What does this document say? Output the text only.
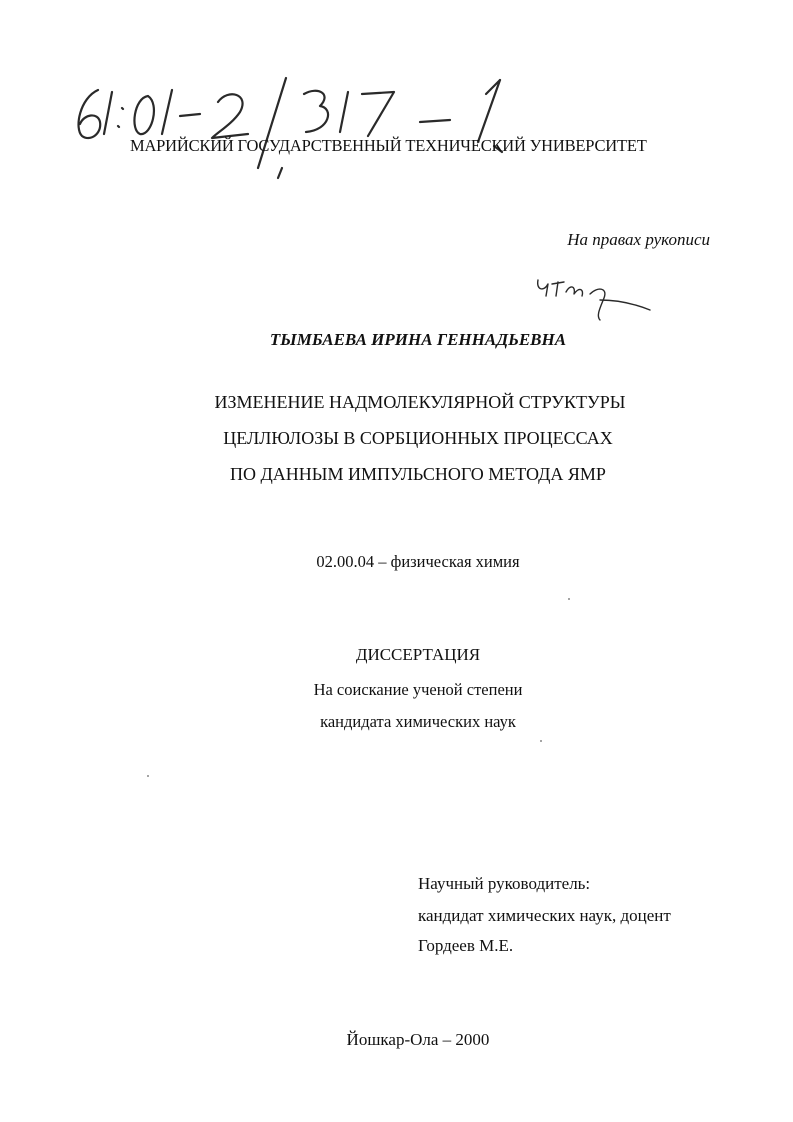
МАРИЙСКИЙ ГОСУДАРСТВЕННЫЙ ТЕХНИЧЕСКИЙ УНИВЕРСИТЕТ
На правах рукописи
ТЫМБАЕВА ИРИНА ГЕННАДЬЕВНА
ИЗМЕНЕНИЕ НАДМОЛЕКУЛЯРНОЙ СТРУКТУРЫ
ЦЕЛЛЮЛОЗЫ В СОРБЦИОННЫХ ПРОЦЕССАХ
ПО ДАННЫМ ИМПУЛЬСНОГО МЕТОДА ЯМР
02.00.04 – физическая химия
ДИССЕРТАЦИЯ
На соискание ученой степени
кандидата химических наук
Научный руководитель:
кандидат химических наук, доцент
Гордеев М.Е.
Йошкар-Ола – 2000
